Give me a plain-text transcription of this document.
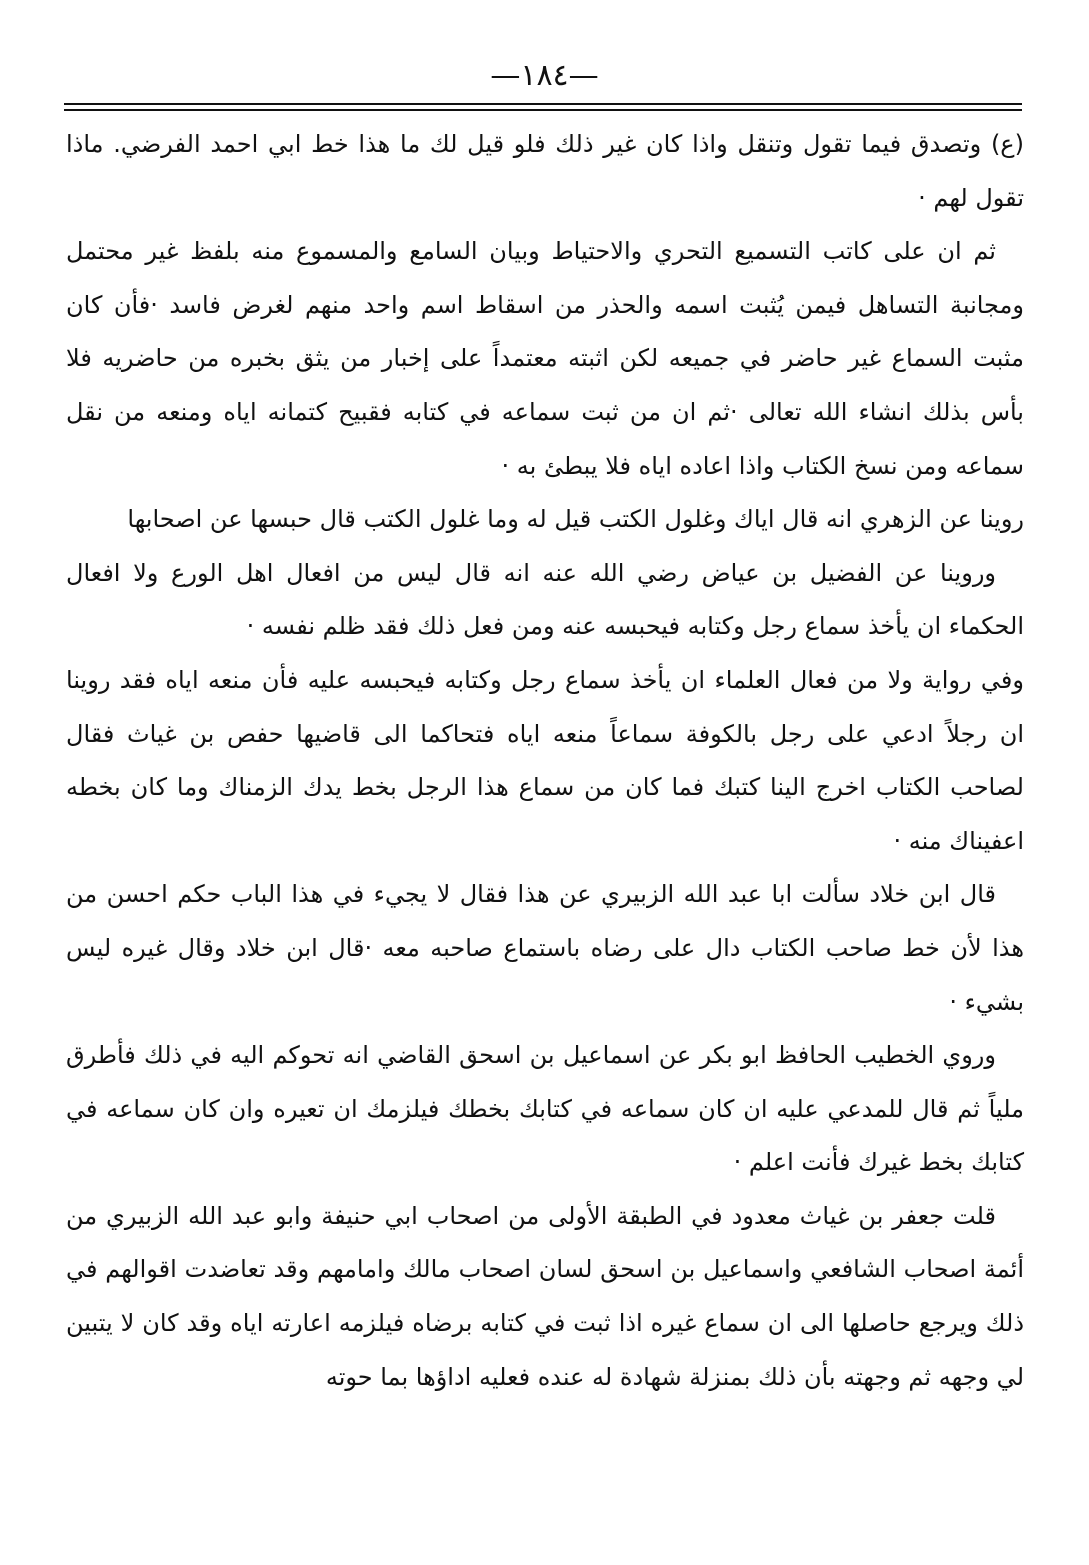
—١٨٤—

(ع) وتصدق فيما تقول وتنقل واذا كان غير ذلك فلو قيل لك ما هذا خط ابي احمد الفرضي. ماذا تقول لهم ·

ثم ان على كاتب التسميع التحري والاحتياط وبيان السامع والمسموع منه بلفظ غير محتمل ومجانبة التساهل فيمن يُثبت اسمه والحذر من اسقاط اسم واحد منهم لغرض فاسد ·فأن كان مثبت السماع غير حاضر في جميعه لكن اثبته معتمداً على إخبار من يثق بخبره من حاضريه فلا بأس بذلك انشاء الله تعالى ·ثم ان من ثبت سماعه في كتابه فقبيح كتمانه اياه ومنعه من نقل سماعه ومن نسخ الكتاب واذا اعاده اياه فلا يبطئ به ·

روينا عن الزهري انه قال اياك وغلول الكتب قيل له وما غلول الكتب قال حبسها عن اصحابها

وروينا عن الفضيل بن عياض رضي الله عنه انه قال ليس من افعال اهل الورع ولا افعال الحكماء ان يأخذ سماع رجل وكتابه فيحبسه عنه ومن فعل ذلك فقد ظلم نفسه ·

وفي رواية ولا من فعال العلماء ان يأخذ سماع رجل وكتابه فيحبسه عليه فأن منعه اياه فقد روينا ان رجلاً ادعي على رجل بالكوفة سماعاً منعه اياه فتحاكما الى قاضيها حفص بن غياث فقال لصاحب الكتاب اخرج الينا كتبك فما كان من سماع هذا الرجل بخط يدك الزمناك وما كان بخطه اعفيناك منه ·

قال ابن خلاد سألت ابا عبد الله الزبيري عن هذا فقال لا يجيء في هذا الباب حكم احسن من هذا لأن خط صاحب الكتاب دال على رضاه باستماع صاحبه معه ·قال ابن خلاد وقال غيره ليس بشيء ·

وروي الخطيب الحافظ ابو بكر عن اسماعيل بن اسحق القاضي انه تحوكم اليه في ذلك فأطرق ملياً ثم قال للمدعي عليه ان كان سماعه في كتابك بخطك فيلزمك ان تعيره وان كان سماعه في كتابك بخط غيرك فأنت اعلم ·

قلت جعفر بن غياث معدود في الطبقة الأولى من اصحاب ابي حنيفة وابو عبد الله الزبيري من أئمة اصحاب الشافعي واسماعيل بن اسحق لسان اصحاب مالك وامامهم وقد تعاضدت اقوالهم في ذلك ويرجع حاصلها الى ان سماع غيره اذا ثبت في كتابه برضاه فيلزمه اعارته اياه وقد كان لا يتبين لي وجهه ثم وجهته بأن ذلك بمنزلة شهادة له عنده فعليه اداؤها بما حوته
